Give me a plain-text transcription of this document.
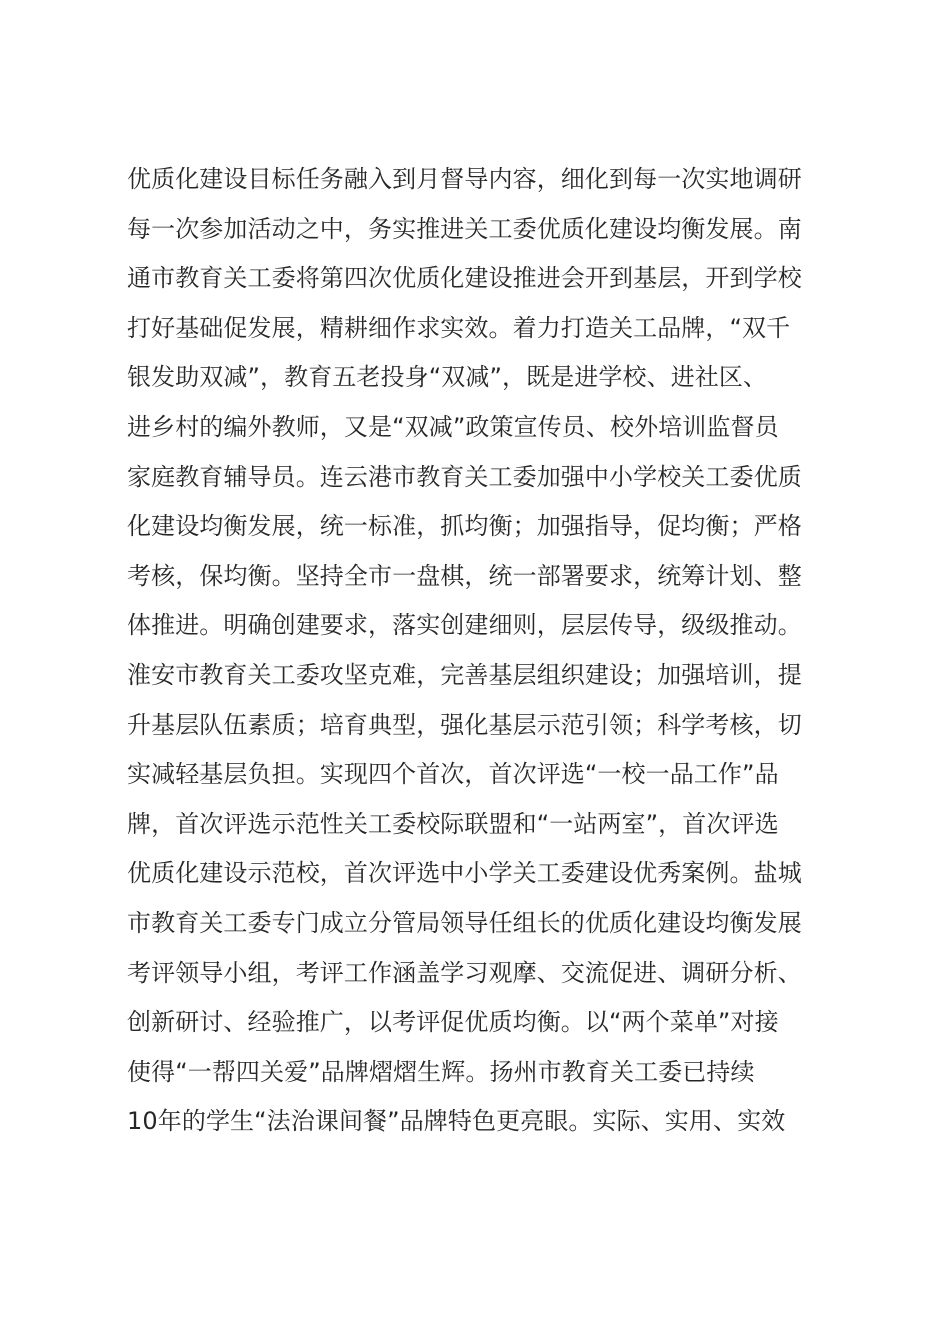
优质化建设目标任务融入到月督导内容，细化到每一次实地调研
每一次参加活动之中，务实推进关工委优质化建设均衡发展。南
通市教育关工委将第四次优质化建设推进会开到基层，开到学校
打好基础促发展，精耕细作求实效。着力打造关工品牌，“双千
银发助双减”，教育五老投身“双减”，既是进学校、进社区、
进乡村的编外教师，又是“双减”政策宣传员、校外培训监督员
家庭教育辅导员。连云港市教育关工委加强中小学校关工委优质
化建设均衡发展，统一标准，抓均衡；加强指导，促均衡；严格
考核，保均衡。坚持全市一盘棋，统一部署要求，统筹计划、整
体推进。明确创建要求，落实创建细则，层层传导，级级推动。
淮安市教育关工委攻坚克难，完善基层组织建设；加强培训，提
升基层队伍素质；培育典型，强化基层示范引领；科学考核，切
实减轻基层负担。实现四个首次，首次评选“一校一品工作”品
牌，首次评选示范性关工委校际联盟和“一站两室”，首次评选
优质化建设示范校，首次评选中小学关工委建设优秀案例。盐城
市教育关工委专门成立分管局领导任组长的优质化建设均衡发展
考评领导小组，考评工作涵盖学习观摩、交流促进、调研分析、
创新研讨、经验推广，以考评促优质均衡。以“两个菜单”对接
使得“一帮四关爱”品牌熠熠生辉。扬州市教育关工委已持续
10年的学生“法治课间餐”品牌特色更亮眼。实际、实用、实效
